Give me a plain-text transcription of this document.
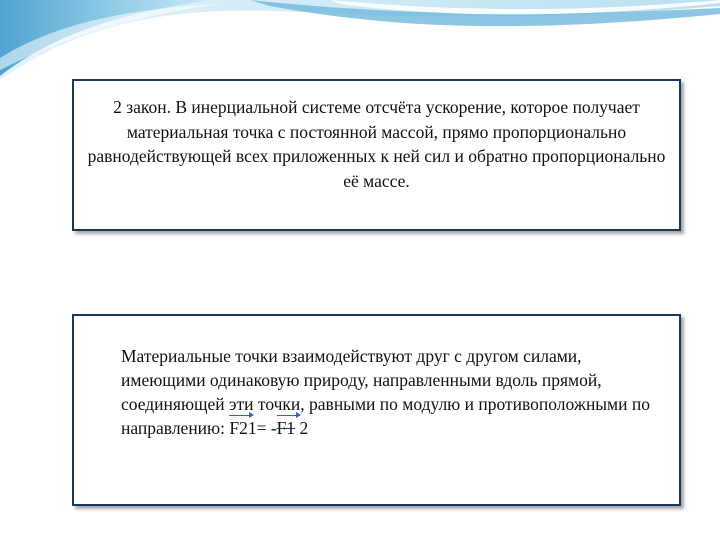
2 закон. В инерциальной системе отсчёта ускорение, которое получает материальная точка с постоянной массой, прямо пропорционально равнодействующей всех приложенных к ней сил и обратно пропорционально её массе.
Материальные точки взаимодействуют друг с другом силами, имеющими одинаковую природу, направленными вдоль прямой, соединяющей эти точки, равными по модулю и противоположными по направлению: F2
1= -F1 2
